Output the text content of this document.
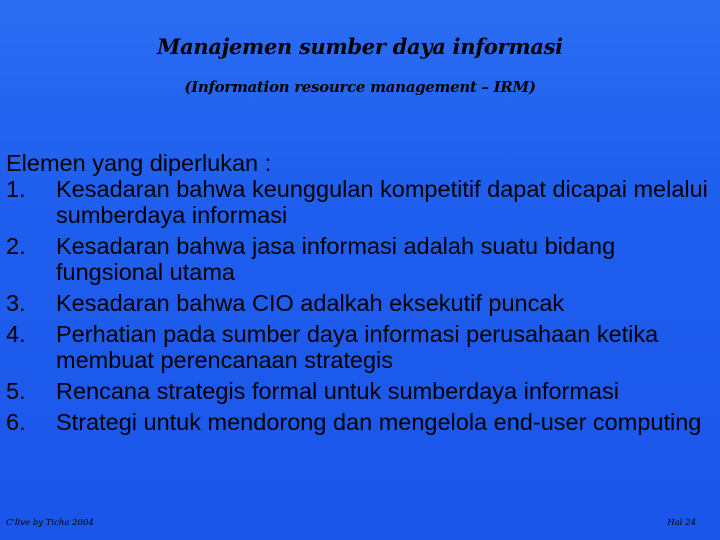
Manajemen sumber daya informasi
(Information resource management – IRM)

Elemen yang diperlukan :

1.	Kesadaran bahwa keunggulan kompetitif dapat dicapai melalui sumberdaya informasi
2.	Kesadaran bahwa jasa informasi adalah suatu bidang fungsional utama
3.	Kesadaran bahwa CIO adalkah eksekutif puncak
4.	Perhatian pada sumber daya informasi perusahaan ketika membuat perencanaan strategis
5.	Rencana strategis formal untuk sumberdaya informasi
6.	Strategi untuk mendorong dan mengelola end-user computing
C'live by Ticha 2004	Hal 24
